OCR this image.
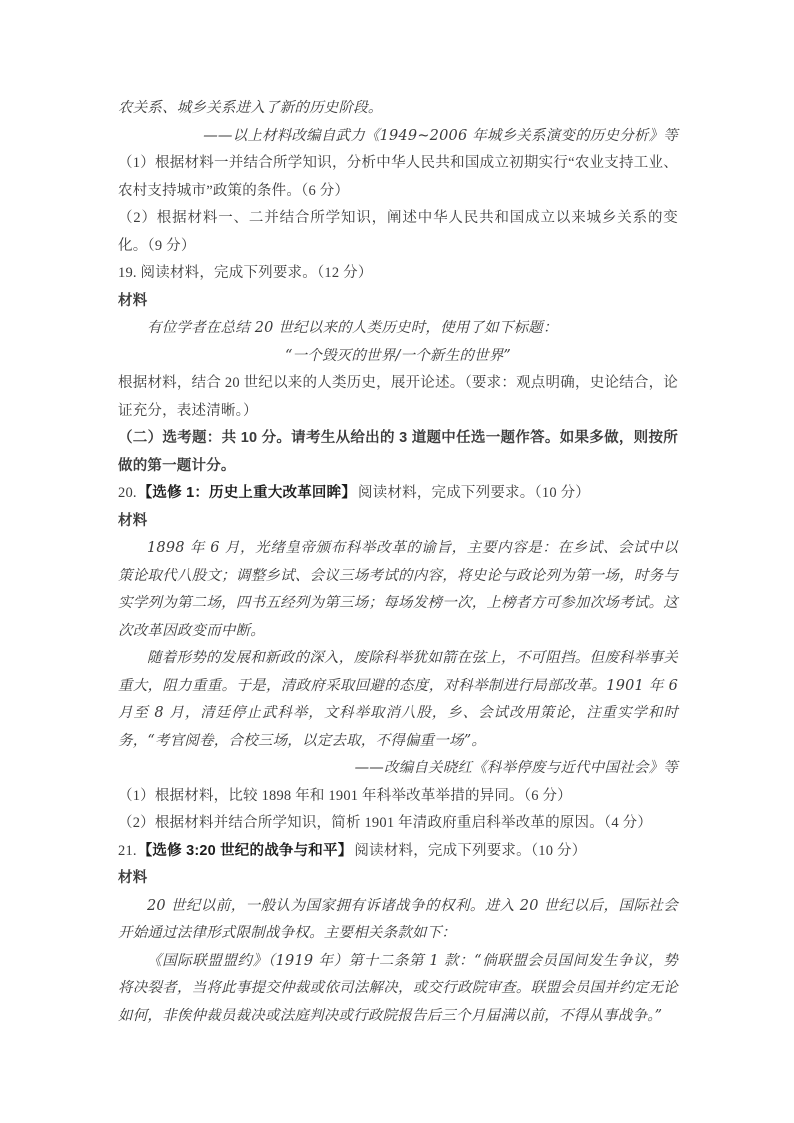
农关系、城乡关系进入了新的历史阶段。

——以上材料改编自武力《1949~2006 年城乡关系演变的历史分析》等

（1）根据材料一并结合所学知识，分析中华人民共和国成立初期实行“农业支持工业、农村支持城市”政策的条件。（6 分）

（2）根据材料一、二并结合所学知识，阐述中华人民共和国成立以来城乡关系的变化。（9 分）

19. 阅读材料，完成下列要求。（12 分）

材料

有位学者在总结 20 世纪以来的人类历史时，使用了如下标题：

“一个毁灭的世界/一个新生的世界”

根据材料，结合 20 世纪以来的人类历史，展开论述。（要求：观点明确，史论结合，论证充分，表述清晰。）

（二）选考题：共 10 分。请考生从给出的 3 道题中任选一题作答。如果多做，则按所做的第一题计分。

20.【选修 1：历史上重大改革回眸】 阅读材料，完成下列要求。（10 分）

材料

1898 年 6 月，光绪皇帝颁布科举改革的谕旨，主要内容是：在乡试、会试中以策论取代八股文；调整乡试、会议三场考试的内容，将史论与政论列为第一场，时务与实学列为第二场，四书五经列为第三场；每场发榜一次，上榜者方可参加次场考试。这次改革因政变而中断。

随着形势的发展和新政的深入，废除科举犹如箭在弦上，不可阻挡。但废科举事关重大，阻力重重。于是，清政府采取回避的态度，对科举制进行局部改革。1901 年 6 月至 8 月，清廷停止武科举，文科举取消八股，乡、会试改用策论，注重实学和时务，“考官阅卷，合校三场，以定去取，不得偏重一场”。

——改编自关晓红《科举停废与近代中国社会》等

（1）根据材料，比较 1898 年和 1901 年科举改革举措的异同。（6 分）

（2）根据材料并结合所学知识，简析 1901 年清政府重启科举改革的原因。（4 分）

21.【选修 3:20 世纪的战争与和平】 阅读材料，完成下列要求。（10 分）

材料

20 世纪以前，一般认为国家拥有诉诸战争的权利。进入 20 世纪以后，国际社会开始通过法律形式限制战争权。主要相关条款如下：

《国际联盟盟约》（1919 年）第十二条第 1 款：“倘联盟会员国间发生争议，势将决裂者，当将此事提交仲裁或依司法解决，或交行政院审查。联盟会员国并约定无论如何，非俟仲裁员裁决或法庭判决或行政院报告后三个月届满以前，不得从事战争。”
